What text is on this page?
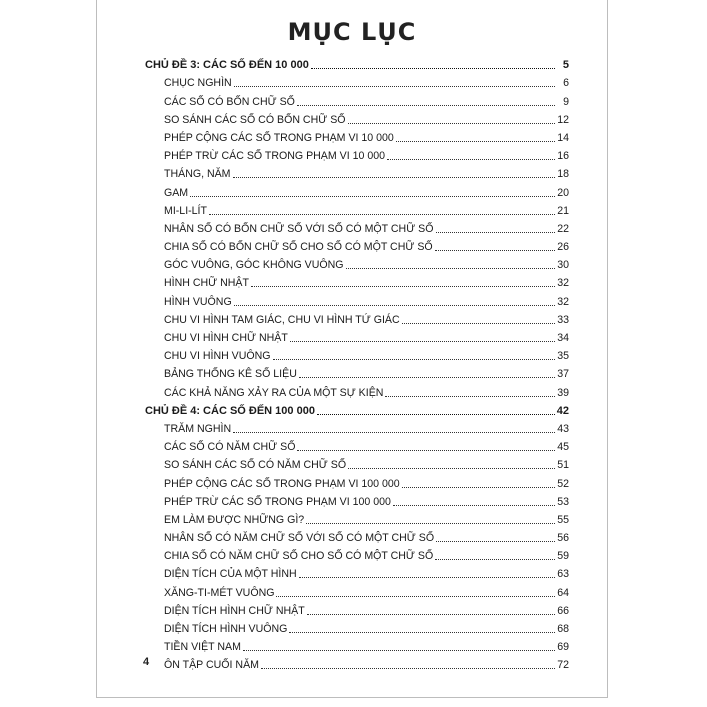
MỤC LỤC
CHỦ ĐỀ 3: CÁC SỐ ĐẾN 10 000	5
CHỤC NGHÌN	6
CÁC SỐ CÓ BỐN CHỮ SỐ	9
SO SÁNH CÁC SỐ CÓ BỐN CHỮ SỐ	12
PHÉP CỘNG CÁC SỐ TRONG PHẠM VI 10 000	14
PHÉP TRỪ CÁC SỐ TRONG PHẠM VI 10 000	16
THÁNG, NĂM	18
GAM	20
MI-LI-LÍT	21
NHÂN SỐ CÓ BỐN CHỮ SỐ VỚI SỐ CÓ MỘT CHỮ SỐ	22
CHIA SỐ CÓ BỐN CHỮ SỐ CHO SỐ CÓ MỘT CHỮ SỐ	26
GÓC VUÔNG, GÓC KHÔNG VUÔNG	30
HÌNH CHỮ NHẬT	32
HÌNH VUÔNG	32
CHU VI HÌNH TAM GIÁC, CHU VI HÌNH TỨ GIÁC	33
CHU VI HÌNH CHỮ NHẬT	34
CHU VI HÌNH VUÔNG	35
BẢNG THỐNG KÊ SỐ LIỆU	37
CÁC KHẢ NĂNG XẢY RA CỦA MỘT SỰ KIỆN	39
CHỦ ĐỀ 4: CÁC SỐ ĐẾN 100 000	42
TRĂM NGHÌN	43
CÁC SỐ CÓ NĂM CHỮ SỐ	45
SO SÁNH CÁC SỐ CÓ NĂM CHỮ SỐ	51
PHÉP CỘNG CÁC SỐ TRONG PHẠM VI 100 000	52
PHÉP TRỪ CÁC SỐ TRONG PHẠM VI 100 000	53
EM LÀM ĐƯỢC NHỮNG GÌ?	55
NHÂN SỐ CÓ NĂM CHỮ SỐ VỚI SỐ CÓ MỘT CHỮ SỐ	56
CHIA SỐ CÓ NĂM CHỮ SỐ CHO SỐ CÓ MỘT CHỮ SỐ	59
DIỆN TÍCH CỦA MỘT HÌNH	63
XĂNG-TI-MÉT VUÔNG	64
DIỆN TÍCH HÌNH CHỮ NHẬT	66
DIỆN TÍCH HÌNH VUÔNG	68
TIỀN VIỆT NAM	69
ÔN TẬP CUỐI NĂM	72
4
